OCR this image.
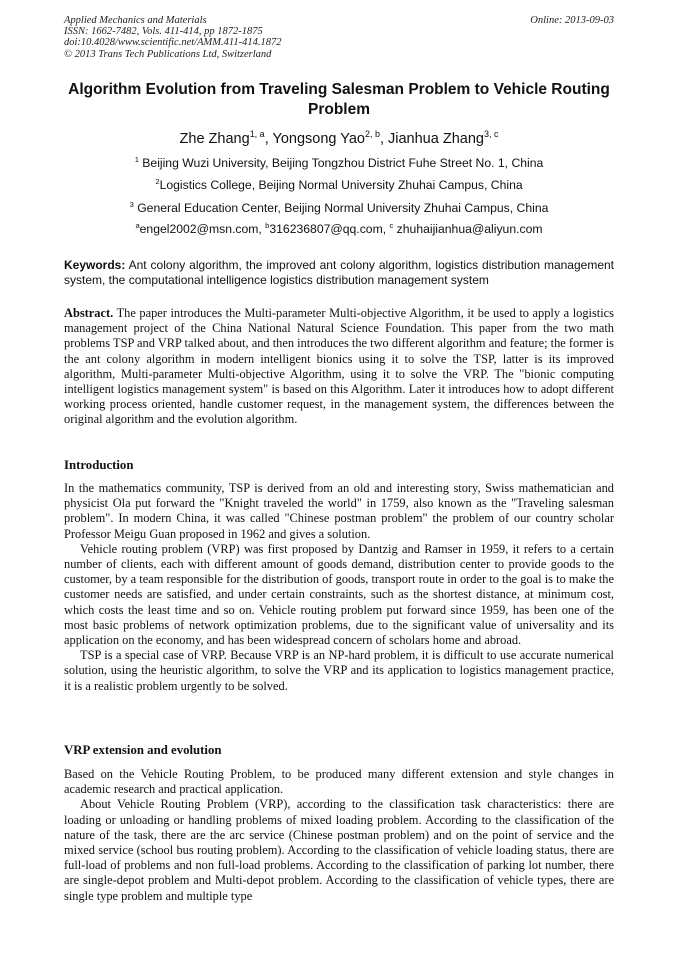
Applied Mechanics and Materials
ISSN: 1662-7482, Vols. 411-414, pp 1872-1875
doi:10.4028/www.scientific.net/AMM.411-414.1872
© 2013 Trans Tech Publications Ltd, Switzerland
Online: 2013-09-03
Algorithm Evolution from Traveling Salesman Problem to Vehicle Routing Problem
Zhe Zhang$^{1, a}$, Yongsong Yao$^{2, b}$, Jianhua Zhang$^{3, c}$
$^1$ Beijing Wuzi University, Beijing Tongzhou District Fuhe Street No. 1, China
$^2$Logistics College, Beijing Normal University Zhuhai Campus, China
$^3$ General Education Center, Beijing Normal University Zhuhai Campus, China
$^a$engel2002@msn.com, $^b$316236807@qq.com, $^c$ zhuhaijianhua@aliyun.com
Keywords: Ant colony algorithm, the improved ant colony algorithm, logistics distribution management system, the computational intelligence logistics distribution management system

Abstract. The paper introduces the Multi-parameter Multi-objective Algorithm, it be used to apply a logistics management project of the China National Natural Science Foundation. This paper from the two math problems TSP and VRP talked about, and then introduces the two different algorithm and feature; the former is the ant colony algorithm in modern intelligent bionics using it to solve the TSP, latter is its improved algorithm, Multi-parameter Multi-objective Algorithm, using it to solve the VRP. The "bionic computing intelligent logistics management system" is based on this Algorithm. Later it introduces how to adopt different working process oriented, handle customer request, in the management system, the differences between the original algorithm and the evolution algorithm.

Introduction

In the mathematics community, TSP is derived from an old and interesting story, Swiss mathematician and physicist Ola put forward the "Knight traveled the world" in 1759, also known as the "Traveling salesman problem". In modern China, it was called "Chinese postman problem" the problem of our country scholar Professor Meigu Guan proposed in 1962 and gives a solution.

Vehicle routing problem (VRP) was first proposed by Dantzig and Ramser in 1959, it refers to a certain number of clients, each with different amount of goods demand, distribution center to provide goods to the customer, by a team responsible for the distribution of goods, transport route in order to the goal is to make the customer needs are satisfied, and under certain constraints, such as the shortest distance, at minimum cost, which costs the least time and so on. Vehicle routing problem put forward since 1959, has been one of the most basic problems of network optimization problems, due to the significant value of universality and its application on the economy, and has been widespread concern of scholars home and abroad.

TSP is a special case of VRP. Because VRP is an NP-hard problem, it is difficult to use accurate numerical solution, using the heuristic algorithm, to solve the VRP and its application to logistics management practice, it is a realistic problem urgently to be solved.

VRP extension and evolution

Based on the Vehicle Routing Problem, to be produced many different extension and style changes in academic research and practical application.

About Vehicle Routing Problem (VRP), according to the classification task characteristics: there are loading or unloading or handling problems of mixed loading problem. According to the classification of the nature of the task, there are the arc service (Chinese postman problem) and on the point of service and the mixed service (school bus routing problem). According to the classification of vehicle loading status, there are full-load of problems and non full-load problems. According to the classification of parking lot number, there are single-depot problem and Multi-depot problem. According to the classification of vehicle types, there are single type problem and multiple type
